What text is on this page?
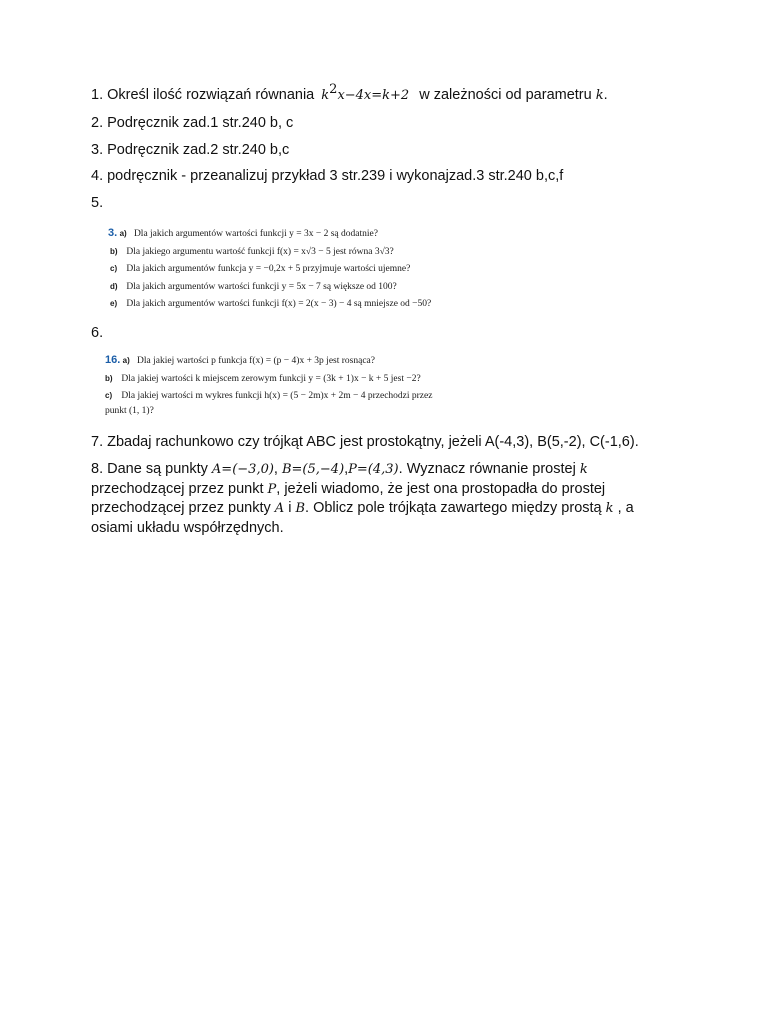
1. Określ ilość rozwiązań równania $k^2x-4x=k+2$ w zależności od parametru k.
2. Podręcznik zad.1 str.240 b, c
3. Podręcznik zad.2 str.240 b,c
4. podręcznik - przeanalizuj przykład 3 str.239 i wykonajzad.3 str.240 b,c,f
5.
3. a) Dla jakich argumentów wartości funkcji y = 3x − 2 są dodatnie?
b) Dla jakiego argumentu wartość funkcji f(x) = x√3 − 5 jest równa 3√3?
c) Dla jakich argumentów funkcja y = −0,2x + 5 przyjmuje wartości ujemne?
d) Dla jakich argumentów wartości funkcji y = 5x − 7 są większe od 100?
e) Dla jakich argumentów wartości funkcji f(x) = 2(x − 3) − 4 są mniejsze od −50?
6.
16. a) Dla jakiej wartości p funkcja f(x) = (p − 4)x + 3p jest rosnąca?
b) Dla jakiej wartości k miejscem zerowym funkcji y = (3k + 1)x − k + 5 jest −2?
c) Dla jakiej wartości m wykres funkcji h(x) = (5 − 2m)x + 2m − 4 przechodzi przez
punkt (1, 1)?
7. Zbadaj rachunkowo czy trójkąt ABC jest prostokątny, jeżeli A(-4,3), B(5,-2), C(-1,6).
8. Dane są punkty A=(−3,0), B=(5,−4),P=(4,3). Wyznacz równanie prostej k
przechodzącej przez punkt P, jeżeli wiadomo, że jest ona prostopadła do prostej
przechodzącej przez punkty A i B. Oblicz pole trójkąta zawartego między prostą k , a
osiami układu współrzędnych.
